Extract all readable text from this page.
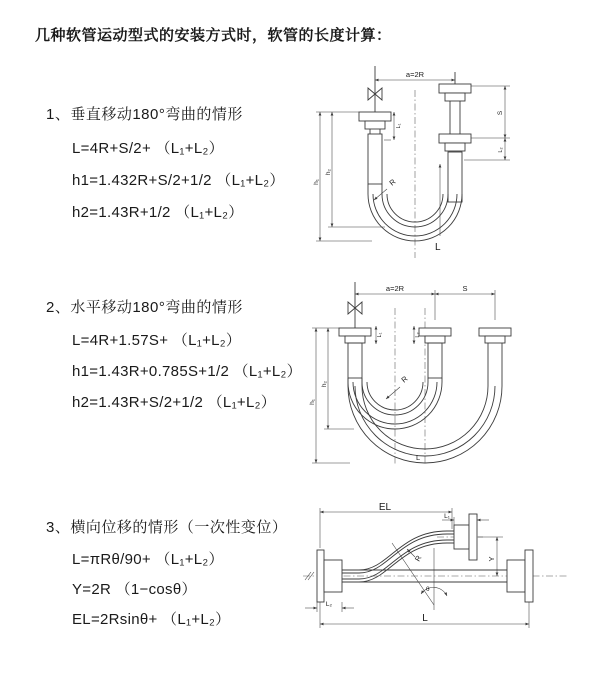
几种软管运动型式的安装方式时，软管的长度计算：
1、垂直移动180°弯曲的情形
L=4R+S/2+ （L₁+L₂）
h1=1.432R+S/2+1/2 （L₁+L₂）
h2=1.43R+1/2 （L₁+L₂）
2、水平移动180°弯曲的情形
L=4R+1.57S+ （L₁+L₂）
h1=1.43R+0.785S+1/2 （L₁+L₂）
h2=1.43R+S/2+1/2 （L₁+L₂）
3、横向位移的情形（一次性变位）
L=πRθ/90+ （L₁+L₂）
Y=2R （1−cosθ）
EL=2Rsinθ+ （L₁+L₂）
a=2R
h₁
h₂
L₁
S
L₂
R
L
a=2R	S
h₁
h₂
L₁	L₂
R
L
θ
R
EL
L₁
Y
L
L₂
